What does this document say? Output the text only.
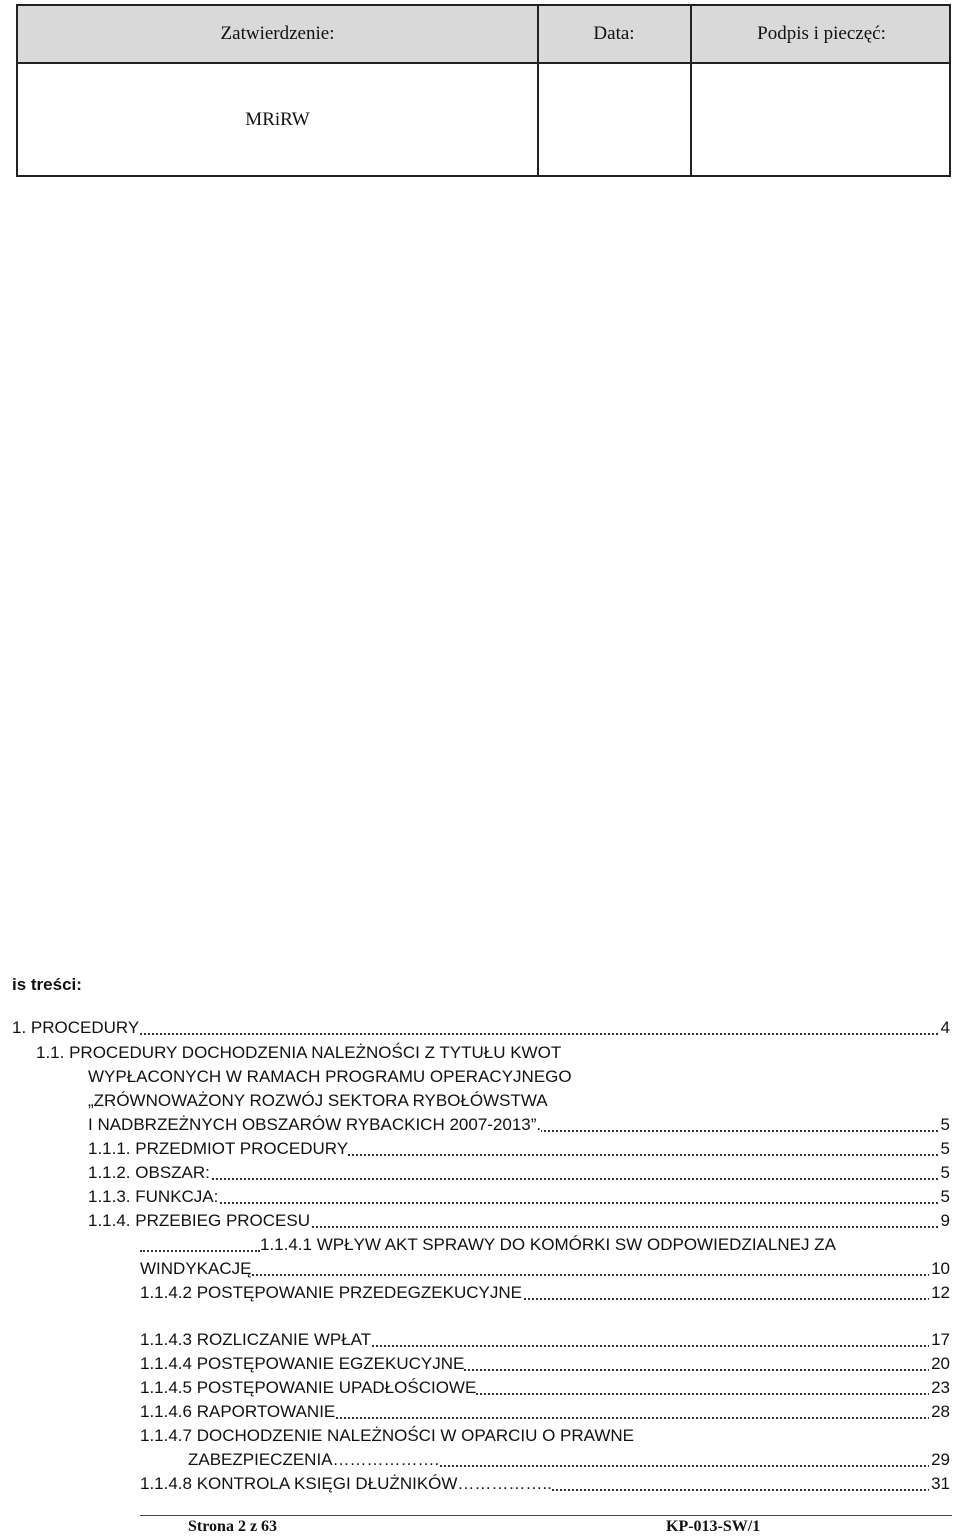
Zatwierdzenie:	Data:	Podpis i pieczęć:
MRiRW
is treści:
1. PROCEDURY	4
1.1. PROCEDURY DOCHODZENIA NALEŻNOŚCI Z TYTUŁU KWOT
WYPŁACONYCH W RAMACH PROGRAMU OPERACYJNEGO
„ZRÓWNOWAŻONY ROZWÓJ SEKTORA RYBOŁÓWSTWA
I NADBRZEŻNYCH OBSZARÓW RYBACKICH 2007-2013”.	5
1.1.1. PRZEDMIOT PROCEDURY	5
1.1.2. OBSZAR:	5
1.1.3. FUNKCJA:	5
1.1.4. PRZEBIEG PROCESU	9
1.1.4.1 WPŁYW AKT SPRAWY DO KOMÓRKI SW ODPOWIEDZIALNEJ ZA
WINDYKACJĘ	10
1.1.4.2 POSTĘPOWANIE PRZEDEGZEKUCYJNE	12
1.1.4.3 ROZLICZANIE WPŁAT	17
1.1.4.4 POSTĘPOWANIE EGZEKUCYJNE	20
1.1.4.5 POSTĘPOWANIE UPADŁOŚCIOWE	23
1.1.4.6 RAPORTOWANIE	28
1.1.4.7 DOCHODZENIE NALEŻNOŚCI W OPARCIU O PRAWNE
ZABEZPIECZENIA……………….	29
1.1.4.8 KONTROLA KSIĘGI DŁUŻNIKÓW……………..	31
Strona 2 z 63	KP-013-SW/1
